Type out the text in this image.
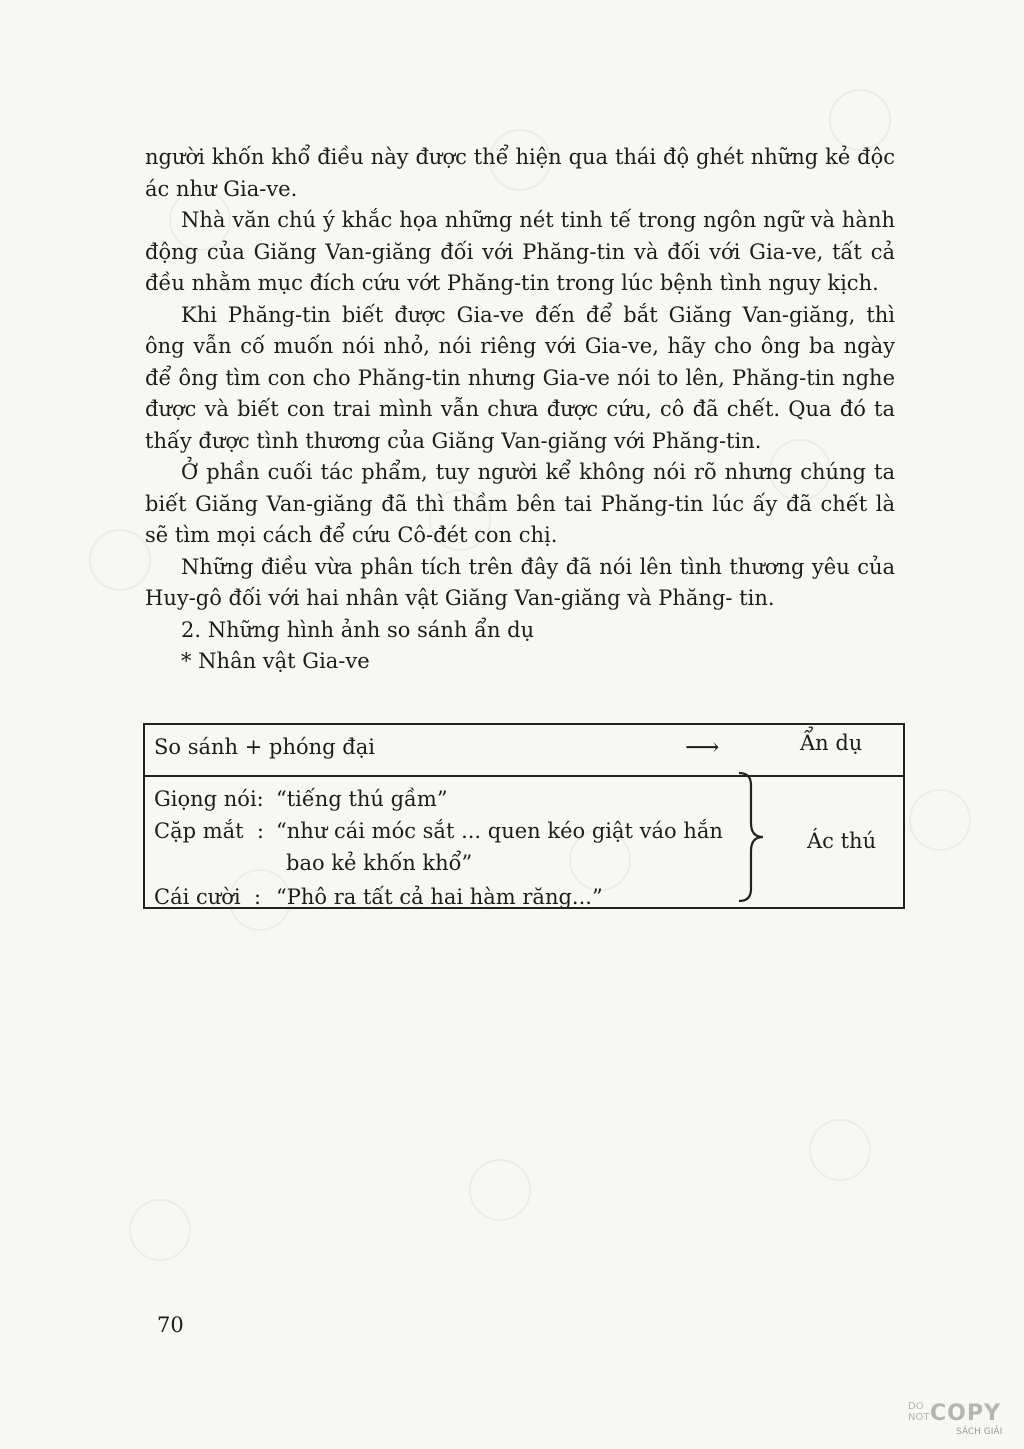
người khốn khổ điều này được thể hiện qua thái độ ghét những kẻ độc ác như Gia-ve.

Nhà văn chú ý khắc họa những nét tinh tế trong ngôn ngữ và hành động của Giăng Van-giăng đối với Phăng-tin và đối với Gia-ve, tất cả đều nhằm mục đích cứu vớt Phăng-tin trong lúc bệnh tình nguy kịch.

Khi Phăng-tin biết được Gia-ve đến để bắt Giăng Van-giăng, thì ông vẫn cố muốn nói nhỏ, nói riêng với Gia-ve, hãy cho ông ba ngày để ông tìm con cho Phăng-tin nhưng Gia-ve nói to lên, Phăng-tin nghe được và biết con trai mình vẫn chưa được cứu, cô đã chết. Qua đó ta thấy được tình thương của Giăng Van-giăng với Phăng-tin.

Ở phần cuối tác phẩm, tuy người kể không nói rõ nhưng chúng ta biết Giăng Van-giăng đã thì thầm bên tai Phăng-tin lúc ấy đã chết là sẽ tìm mọi cách để cứu Cô-đét con chị.

Những điều vừa phân tích trên đây đã nói lên tình thương yêu của Huy-gô đối với hai nhân vật Giăng Van-giăng và Phăng- tin.

2. Những hình ảnh so sánh ẩn dụ

* Nhân vật Gia-ve

So sánh + phóng đại	⟶	Ẩn dụ
Giọng nói: “tiếng thú gầm”
Cặp mắt  : “như cái móc sắt ... quen kéo giật váo hắn
bao kẻ khốn khổ”
Cái cười  : “Phô ra tất cả hai hàm răng...”
Ác thú
70
DO
NOT COPY
SÁCH GIẢI
